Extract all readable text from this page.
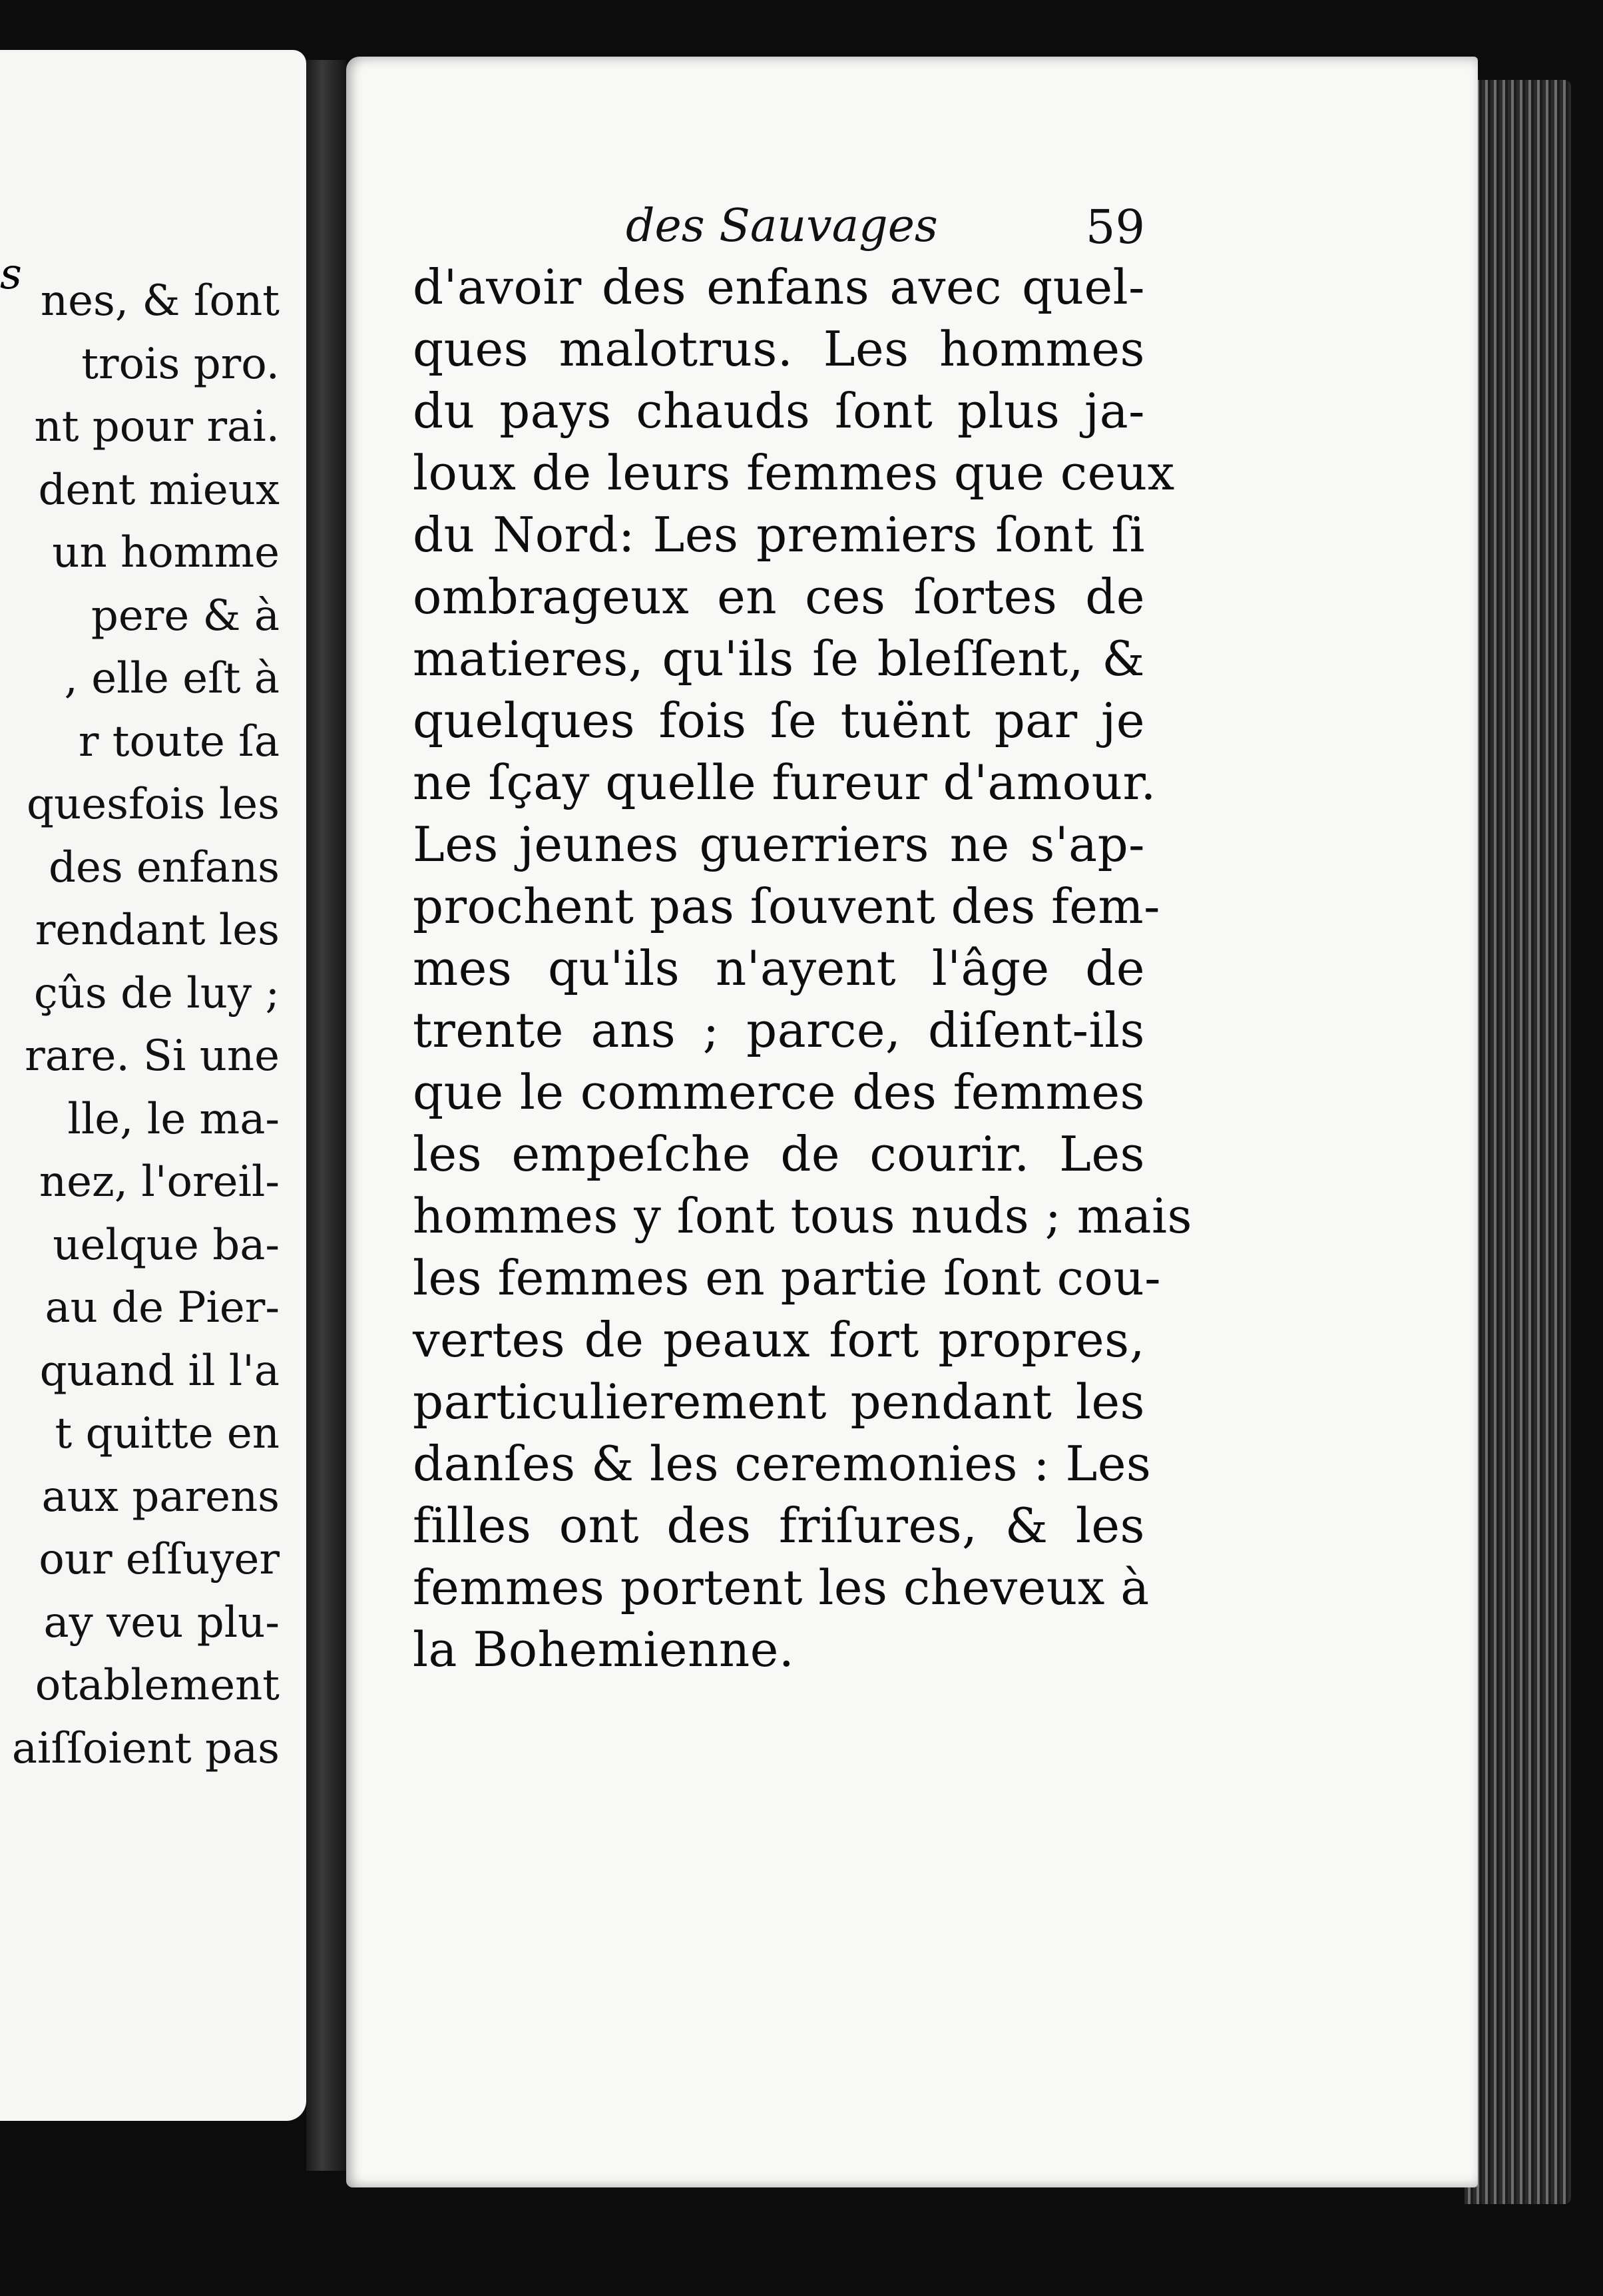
s
nes, & ſont
trois pro.
nt pour rai.
dent mieux
un homme
pere & à
, elle eſt à
r toute ſa
quesfois les
des enfans
rendant les
çûs de luy ;
rare. Si une
lle, le ma-
nez, l'oreil-
uelque ba-
au de Pier-
quand il l'a
t quitte en
aux parens
our eſſuyer
ay veu plu-
otablement
aiſſoient pas
des Sauvages	59
d'avoir des enfans avec quel-
ques malotrus. Les hommes
du pays chauds ſont plus ja-
loux de leurs femmes que ceux
du Nord: Les premiers ſont ſi
ombrageux en ces ſortes de
matieres, qu'ils ſe bleſſent, &
quelques fois ſe tuënt par je
ne ſçay quelle fureur d'amour.
Les jeunes guerriers ne s'ap-
prochent pas ſouvent des fem-
mes qu'ils n'ayent l'âge de
trente ans ; parce, diſent-ils
que le commerce des femmes
les empeſche de courir. Les
hommes y ſont tous nuds ; mais
les femmes en partie ſont cou-
vertes de peaux fort propres,
particulierement pendant les
danſes & les ceremonies : Les
filles ont des friſures, & les
femmes portent les cheveux à
la Bohemienne.
